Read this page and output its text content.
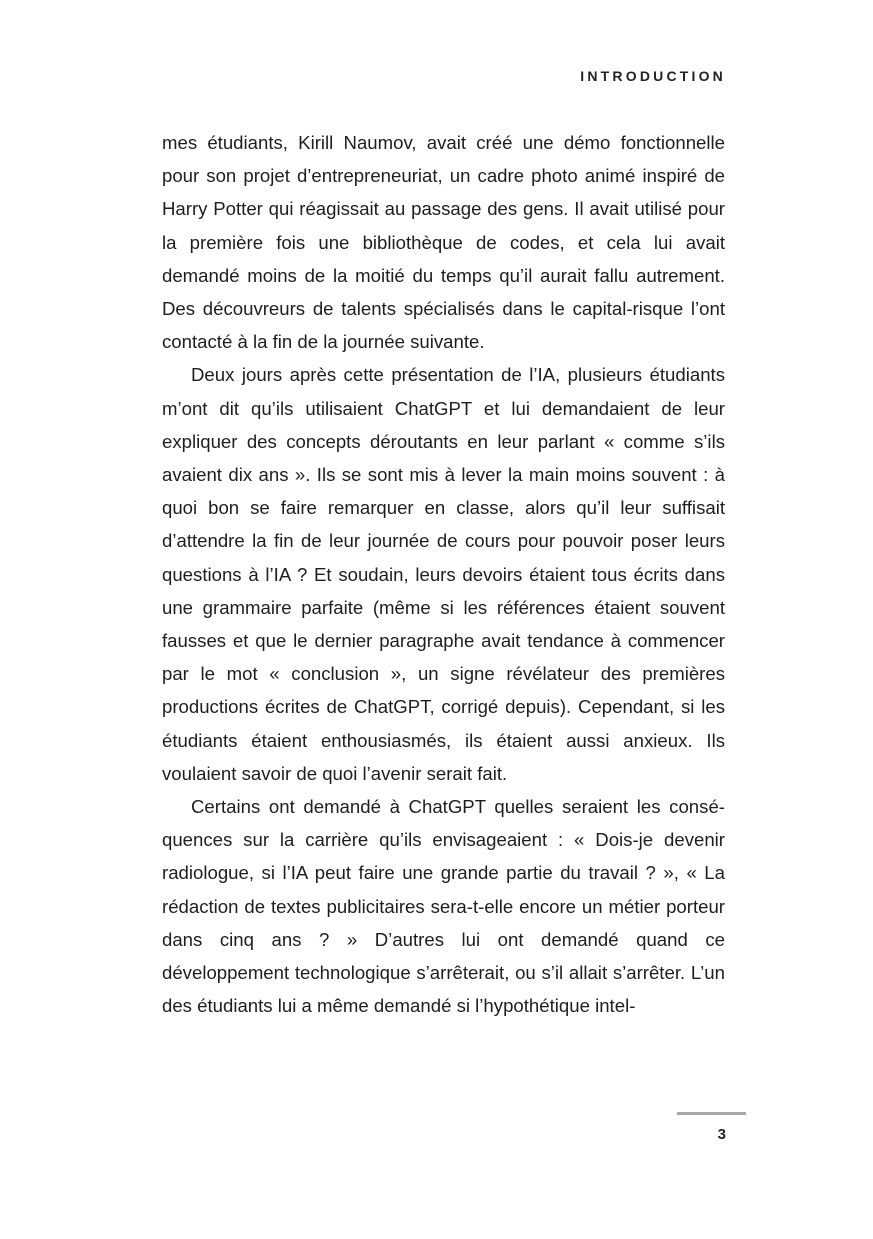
INTRODUCTION

mes étudiants, Kirill Naumov, avait créé une démo fonctionnelle pour son projet d’entrepreneuriat, un cadre photo animé inspiré de Harry Potter qui réagissait au passage des gens. Il avait utilisé pour la première fois une bibliothèque de codes, et cela lui avait demandé moins de la moitié du temps qu’il aurait fallu autrement. Des découvreurs de talents spécialisés dans le capital-risque l’ont contacté à la fin de la journée suivante.

Deux jours après cette présentation de l’IA, plusieurs étudiants m’ont dit qu’ils utilisaient ChatGPT et lui demandaient de leur expliquer des concepts déroutants en leur parlant « comme s’ils avaient dix ans ». Ils se sont mis à lever la main moins souvent : à quoi bon se faire remarquer en classe, alors qu’il leur suffisait d’attendre la fin de leur journée de cours pour pouvoir poser leurs questions à l’IA ? Et soudain, leurs devoirs étaient tous écrits dans une grammaire parfaite (même si les références étaient souvent fausses et que le dernier paragraphe avait tendance à commencer par le mot « conclusion », un signe révélateur des premières productions écrites de ChatGPT, corrigé depuis). Cependant, si les étudiants étaient enthousiasmés, ils étaient aussi anxieux. Ils voulaient savoir de quoi l’avenir serait fait.

Certains ont demandé à ChatGPT quelles seraient les conséquences sur la carrière qu’ils envisageaient : « Dois-je devenir radiologue, si l’IA peut faire une grande partie du travail ? », « La rédaction de textes publicitaires sera-t-elle encore un métier porteur dans cinq ans ? » D’autres lui ont demandé quand ce développement technologique s’arrêterait, ou s’il allait s’arrêter. L’un des étudiants lui a même demandé si l’hypothétique intel-

3
